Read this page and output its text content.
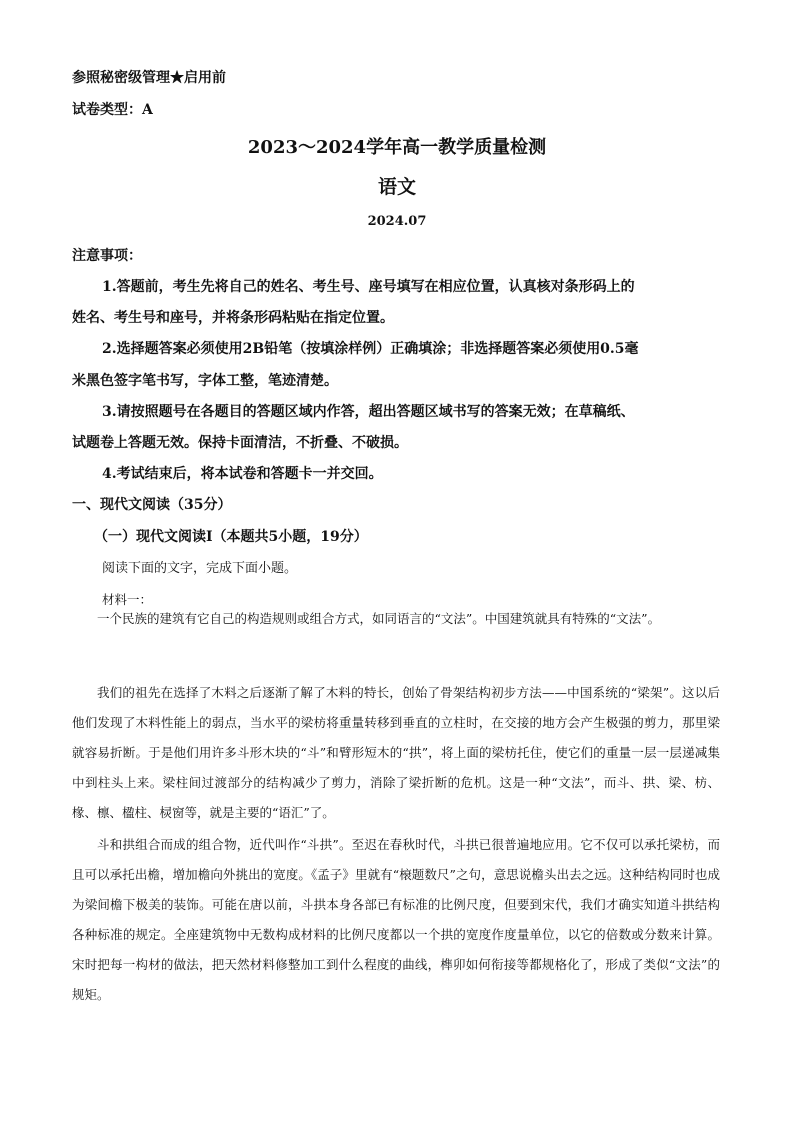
参照秘密级管理★启用前
试卷类型：A
2023～2024学年高一教学质量检测
语文
2024.07
注意事项：
1.答题前，考生先将自己的姓名、考生号、座号填写在相应位置，认真核对条形码上的
姓名、考生号和座号，并将条形码粘贴在指定位置。
2.选择题答案必须使用2B铅笔（按填涂样例）正确填涂；非选择题答案必须使用0.5毫
米黑色签字笔书写，字体工整，笔迹清楚。
3.请按照题号在各题目的答题区域内作答，超出答题区域书写的答案无效；在草稿纸、
试题卷上答题无效。保持卡面清洁，不折叠、不破损。
4.考试结束后，将本试卷和答题卡一并交回。
一、现代文阅读（35分）
（一）现代文阅读Ⅰ（本题共5小题，19分）
阅读下面的文字，完成下面小题。
材料一：

一个民族的建筑有它自己的构造规则或组合方式，如同语言的“文法”。中国建筑就具有特殊的“文法”。

我们的祖先在选择了木料之后逐渐了解了木料的特长，创始了骨架结构初步方法——中国系统的“梁架”。这以后他们发现了木料性能上的弱点，当水平的梁枋将重量转移到垂直的立柱时，在交接的地方会产生极强的剪力，那里梁就容易折断。于是他们用许多斗形木块的“斗”和臂形短木的“拱”，将上面的梁枋托住，使它们的重量一层一层递减集中到柱头上来。梁柱间过渡部分的结构减少了剪力，消除了梁折断的危机。这是一种“文法”，而斗、拱、梁、枋、椽、檩、楹柱、棂窗等，就是主要的“语汇”了。

斗和拱组合而成的组合物，近代叫作“斗拱”。至迟在春秋时代，斗拱已很普遍地应用。它不仅可以承托梁枋，而且可以承托出檐，增加檐向外挑出的宽度。《孟子》里就有“榱题数尺”之句，意思说檐头出去之远。这种结构同时也成为梁间檐下极美的装饰。可能在唐以前，斗拱本身各部已有标准的比例尺度，但要到宋代，我们才确实知道斗拱结构各种标准的规定。全座建筑物中无数构成材料的比例尺度都以一个拱的宽度作度量单位，以它的倍数或分数来计算。宋时把每一构材的做法，把天然材料修整加工到什么程度的曲线，榫卯如何衔接等都规格化了，形成了类似“文法”的规矩。
